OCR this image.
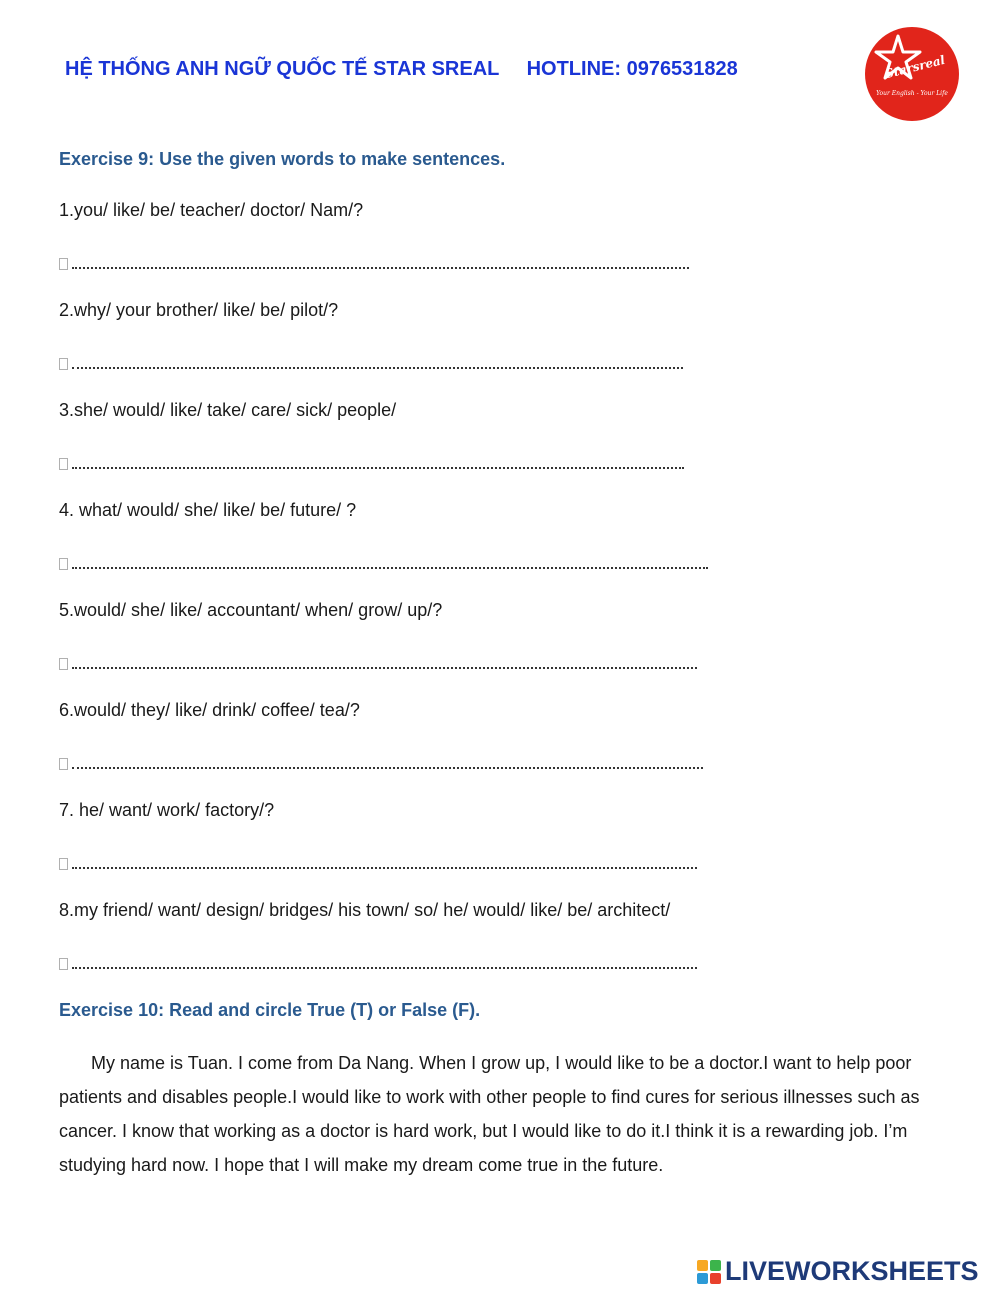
HỆ THỐNG ANH NGỮ QUỐC TẾ STAR SREAL HOTLINE: 0976531828	Starsreal
Your English - Your Life
Exercise 9: Use the given words to make sentences.
1.you/ like/ be/ teacher/ doctor/ Nam/?
2.why/ your brother/ like/ be/ pilot/?
3.she/ would/ like/ take/ care/ sick/ people/
4. what/ would/ she/ like/ be/ future/ ?
5.would/ she/ like/ accountant/ when/ grow/ up/?
6.would/ they/ like/ drink/ coffee/ tea/?
7. he/ want/ work/ factory/?
8.my friend/ want/ design/ bridges/ his town/ so/ he/ would/ like/ be/ architect/
Exercise 10: Read and circle True (T) or False (F).

My name is Tuan. I come from Da Nang. When I grow up, I would like to be a doctor.I want to help poor patients and disables people.I would like to work with other people to find cures for serious illnesses such as cancer. I know that working as a doctor is hard work, but I would like to do it.I think it is a rewarding job. I’m studying hard now. I hope that I will make my dream come true in the future.

LIVEWORKSHEETS
